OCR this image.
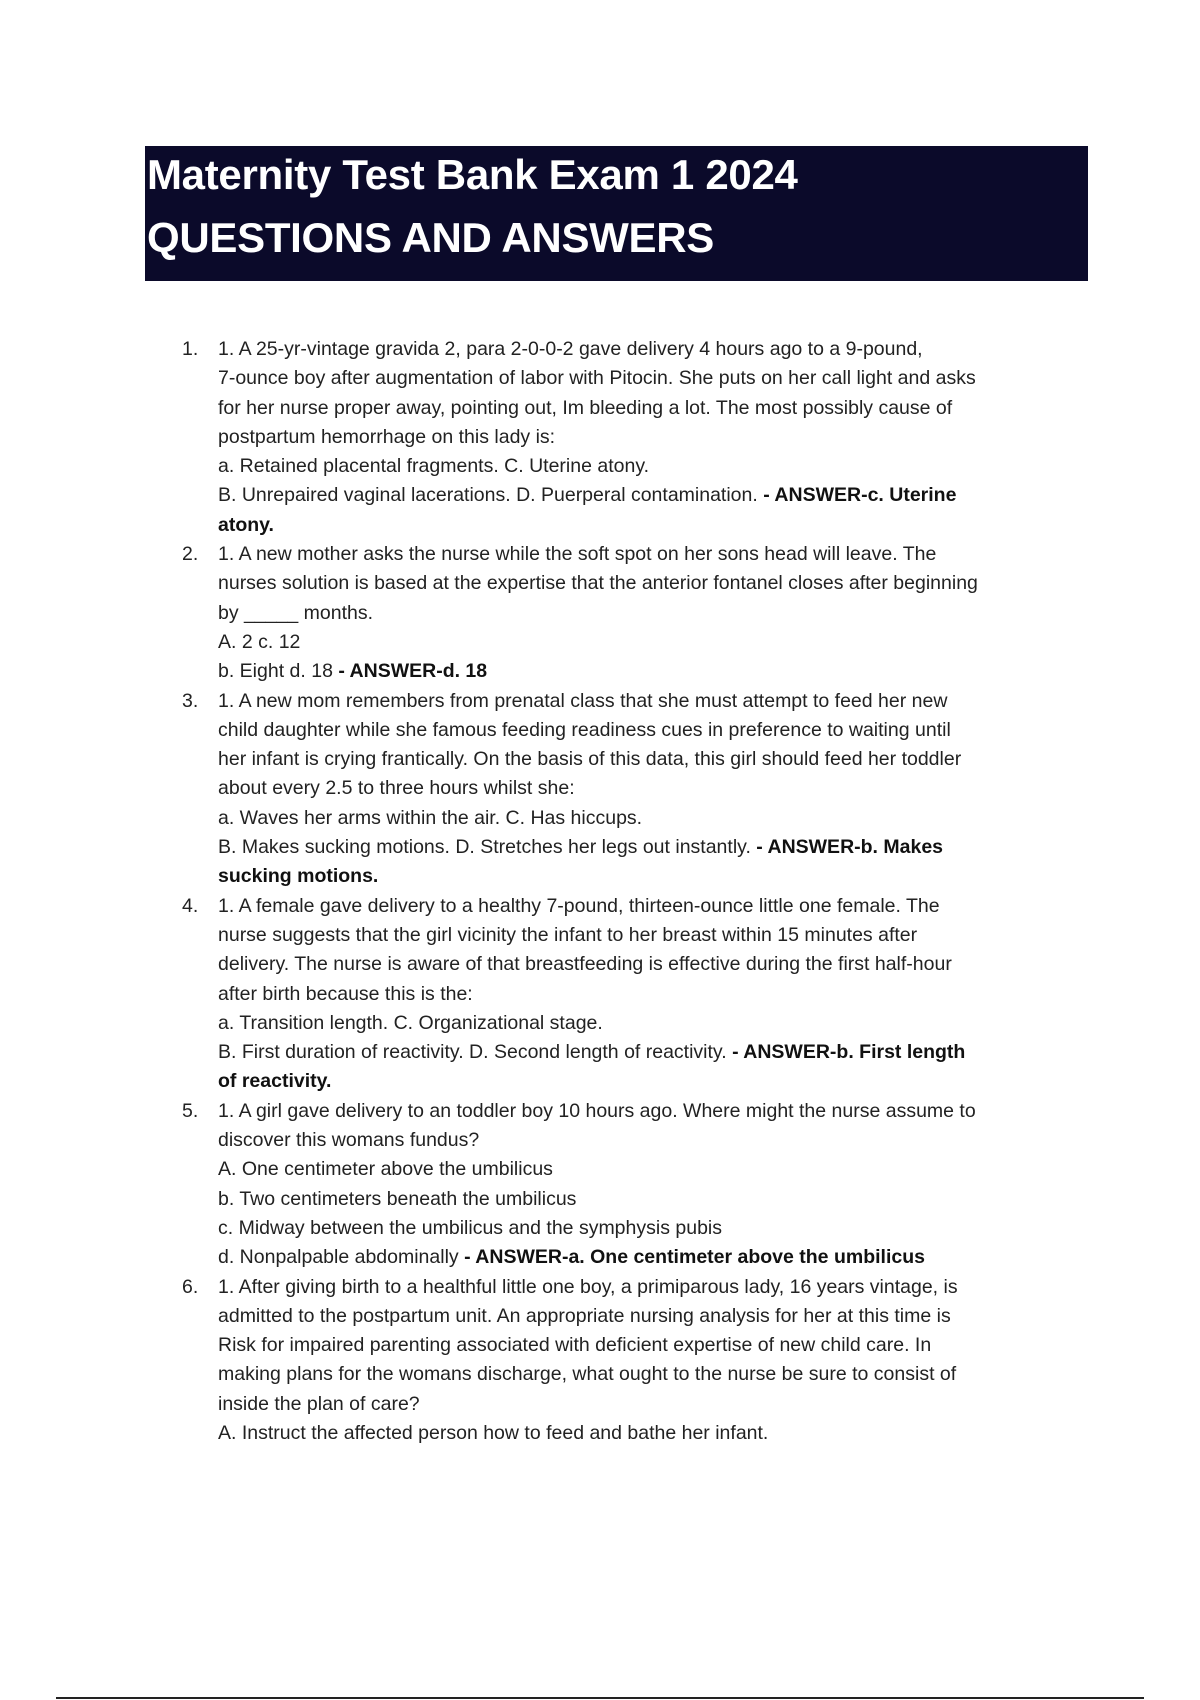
Maternity Test Bank Exam 1 2024
QUESTIONS AND ANSWERS
1. 1. A 25-yr-vintage gravida 2, para 2-0-0-2 gave delivery 4 hours ago to a 9-pound,
7-ounce boy after augmentation of labor with Pitocin. She puts on her call light and asks
for her nurse proper away, pointing out, Im bleeding a lot. The most possibly cause of
postpartum hemorrhage on this lady is:
a. Retained placental fragments. C. Uterine atony.
B. Unrepaired vaginal lacerations. D. Puerperal contamination. - ANSWER-c. Uterine
atony.
2. 1. A new mother asks the nurse while the soft spot on her sons head will leave. The
nurses solution is based at the expertise that the anterior fontanel closes after beginning
by _____ months.
A. 2 c. 12
b. Eight d. 18 - ANSWER-d. 18
3. 1. A new mom remembers from prenatal class that she must attempt to feed her new
child daughter while she famous feeding readiness cues in preference to waiting until
her infant is crying frantically. On the basis of this data, this girl should feed her toddler
about every 2.5 to three hours whilst she:
a. Waves her arms within the air. C. Has hiccups.
B. Makes sucking motions. D. Stretches her legs out instantly. - ANSWER-b. Makes
sucking motions.
4. 1. A female gave delivery to a healthy 7-pound, thirteen-ounce little one female. The
nurse suggests that the girl vicinity the infant to her breast within 15 minutes after
delivery. The nurse is aware of that breastfeeding is effective during the first half-hour
after birth because this is the:
a. Transition length. C. Organizational stage.
B. First duration of reactivity. D. Second length of reactivity. - ANSWER-b. First length
of reactivity.
5. 1. A girl gave delivery to an toddler boy 10 hours ago. Where might the nurse assume to
discover this womans fundus?
A. One centimeter above the umbilicus
b. Two centimeters beneath the umbilicus
c. Midway between the umbilicus and the symphysis pubis
d. Nonpalpable abdominally - ANSWER-a. One centimeter above the umbilicus
6. 1. After giving birth to a healthful little one boy, a primiparous lady, 16 years vintage, is
admitted to the postpartum unit. An appropriate nursing analysis for her at this time is
Risk for impaired parenting associated with deficient expertise of new child care. In
making plans for the womans discharge, what ought to the nurse be sure to consist of
inside the plan of care?
A. Instruct the affected person how to feed and bathe her infant.
